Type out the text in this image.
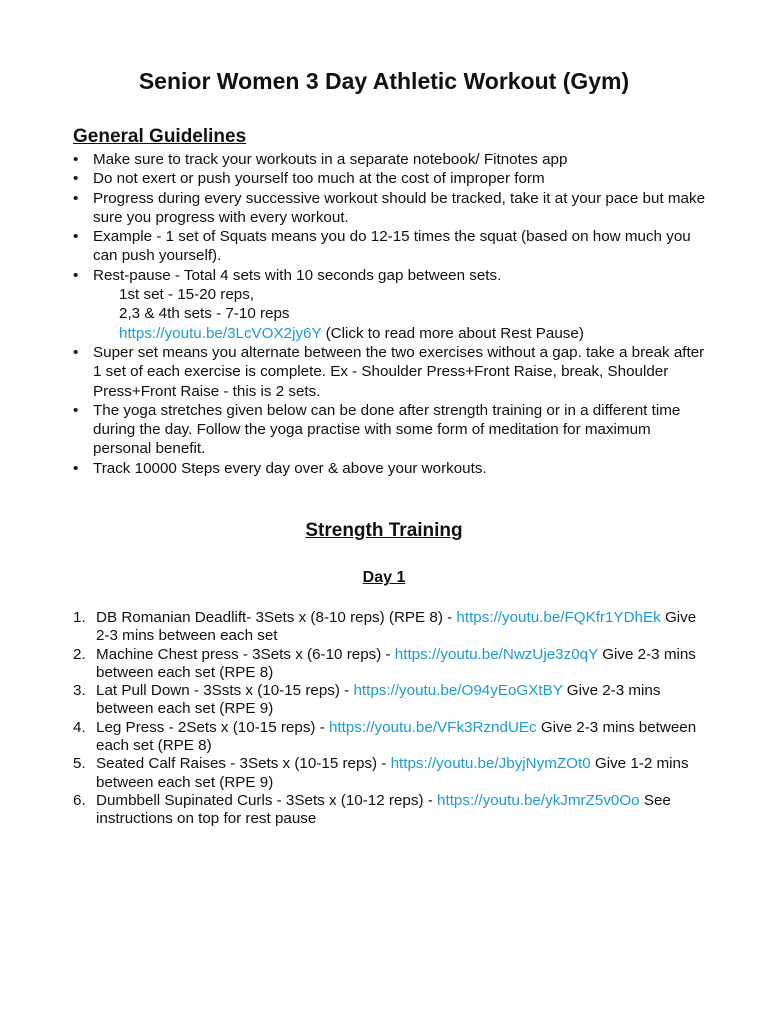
Senior Women 3 Day Athletic Workout (Gym)
General Guidelines
• Make sure to track your workouts in a separate notebook/ Fitnotes app
• Do not exert or push yourself too much at the cost of improper form
• Progress during every successive workout should be tracked, take it at your pace but make sure you progress with every workout.
• Example - 1 set of Squats means you do 12-15 times the squat (based on how much you can push yourself).
• Rest-pause - Total 4 sets with 10 seconds gap between sets.
1st set - 15-20 reps,
2,3 & 4th sets - 7-10 reps
https://youtu.be/3LcVOX2jy6Y (Click to read more about Rest Pause)
• Super set means you alternate between the two exercises without a gap. take a break after 1 set of each exercise is complete. Ex - Shoulder Press+Front Raise, break, Shoulder Press+Front Raise - this is 2 sets.
• The yoga stretches given below can be done after strength training or in a different time during the day. Follow the yoga practise with some form of meditation for maximum personal benefit.
• Track 10000 Steps every day over & above your workouts.
Strength Training
Day 1
1. DB Romanian Deadlift- 3Sets x (8-10 reps) (RPE 8) - https://youtu.be/FQKfr1YDhEk Give 2-3 mins between each set
2. Machine Chest press - 3Sets x (6-10 reps) - https://youtu.be/NwzUje3z0qY Give 2-3 mins between each set (RPE 8)
3. Lat Pull Down - 3Ssts x (10-15 reps) - https://youtu.be/O94yEoGXtBY Give 2-3 mins between each set (RPE 9)
4. Leg Press - 2Sets x (10-15 reps) - https://youtu.be/VFk3RzndUEc Give 2-3 mins between each set (RPE 8)
5. Seated Calf Raises - 3Sets x (10-15 reps) - https://youtu.be/JbyjNymZOt0 Give 1-2 mins between each set (RPE 9)
6. Dumbbell Supinated Curls - 3Sets x (10-12 reps) - https://youtu.be/ykJmrZ5v0Oo See instructions on top for rest pause
